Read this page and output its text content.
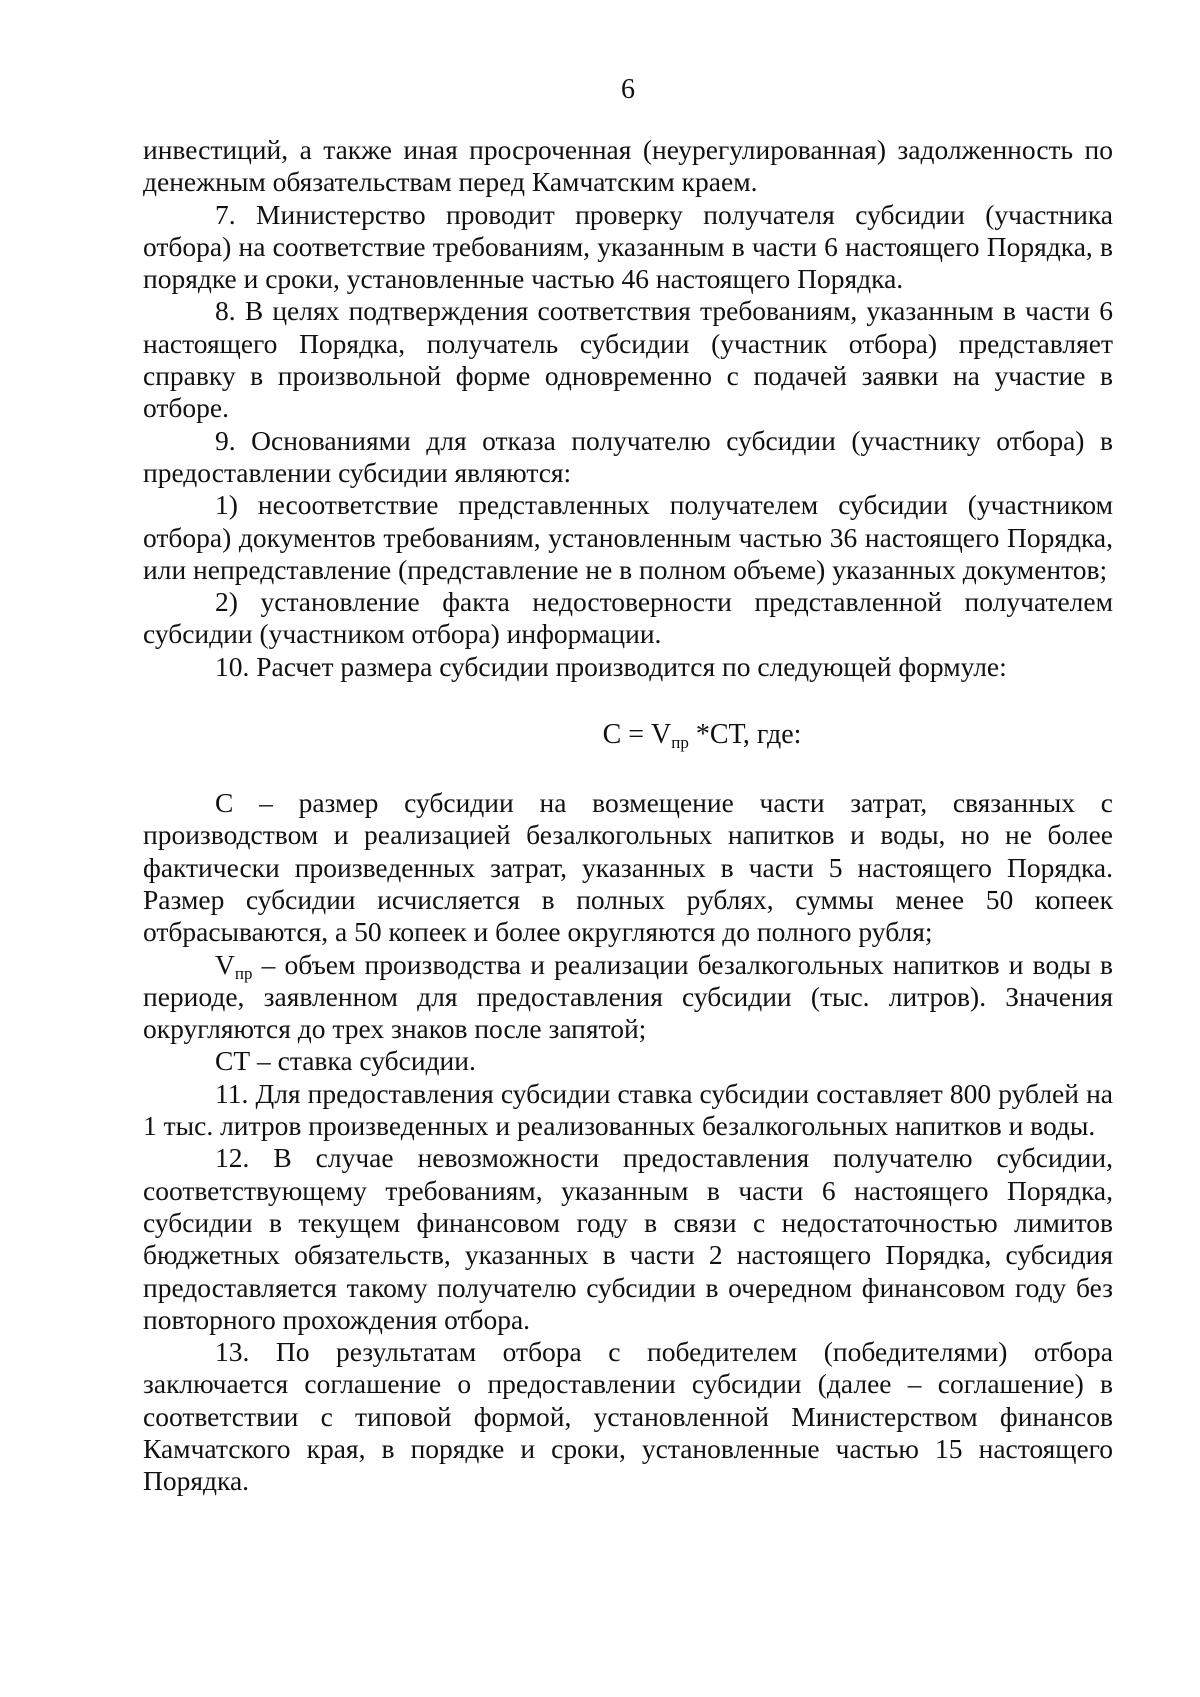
6

инвестиций, а также иная просроченная (неурегулированная) задолженность по денежным обязательствам перед Камчатским краем.

7. Министерство проводит проверку получателя субсидии (участника отбора) на соответствие требованиям, указанным в части 6 настоящего Порядка, в порядке и сроки, установленные частью 46 настоящего Порядка.

8. В целях подтверждения соответствия требованиям, указанным в части 6 настоящего Порядка, получатель субсидии (участник отбора) представляет справку в произвольной форме одновременно с подачей заявки на участие в отборе.

9. Основаниями для отказа получателю субсидии (участнику отбора) в предоставлении субсидии являются:

1) несоответствие представленных получателем субсидии (участником отбора) документов требованиям, установленным частью 36 настоящего Порядка, или непредставление (представление не в полном объеме) указанных документов;

2) установление факта недостоверности представленной получателем субсидии (участником отбора) информации.

10. Расчет размера субсидии производится по следующей формуле:

$С = V_{пр}$ *СТ, где:

С – размер субсидии на возмещение части затрат, связанных с производством и реализацией безалкогольных напитков и воды, но не более фактически произведенных затрат, указанных в части 5 настоящего Порядка. Размер субсидии исчисляется в полных рублях, суммы менее 50 копеек отбрасываются, а 50 копеек и более округляются до полного рубля;

$V_{пр}$ – объем производства и реализации безалкогольных напитков и воды в периоде, заявленном для предоставления субсидии (тыс. литров). Значения округляются до трех знаков после запятой;

СТ – ставка субсидии.

11. Для предоставления субсидии ставка субсидии составляет 800 рублей на 1 тыс. литров произведенных и реализованных безалкогольных напитков и воды.

12. В случае невозможности предоставления получателю субсидии, соответствующему требованиям, указанным в части 6 настоящего Порядка, субсидии в текущем финансовом году в связи с недостаточностью лимитов бюджетных обязательств, указанных в части 2 настоящего Порядка, субсидия предоставляется такому получателю субсидии в очередном финансовом году без повторного прохождения отбора.

13. По результатам отбора с победителем (победителями) отбора заключается соглашение о предоставлении субсидии (далее – соглашение) в соответствии с типовой формой, установленной Министерством финансов Камчатского края, в порядке и сроки, установленные частью 15 настоящего Порядка.
